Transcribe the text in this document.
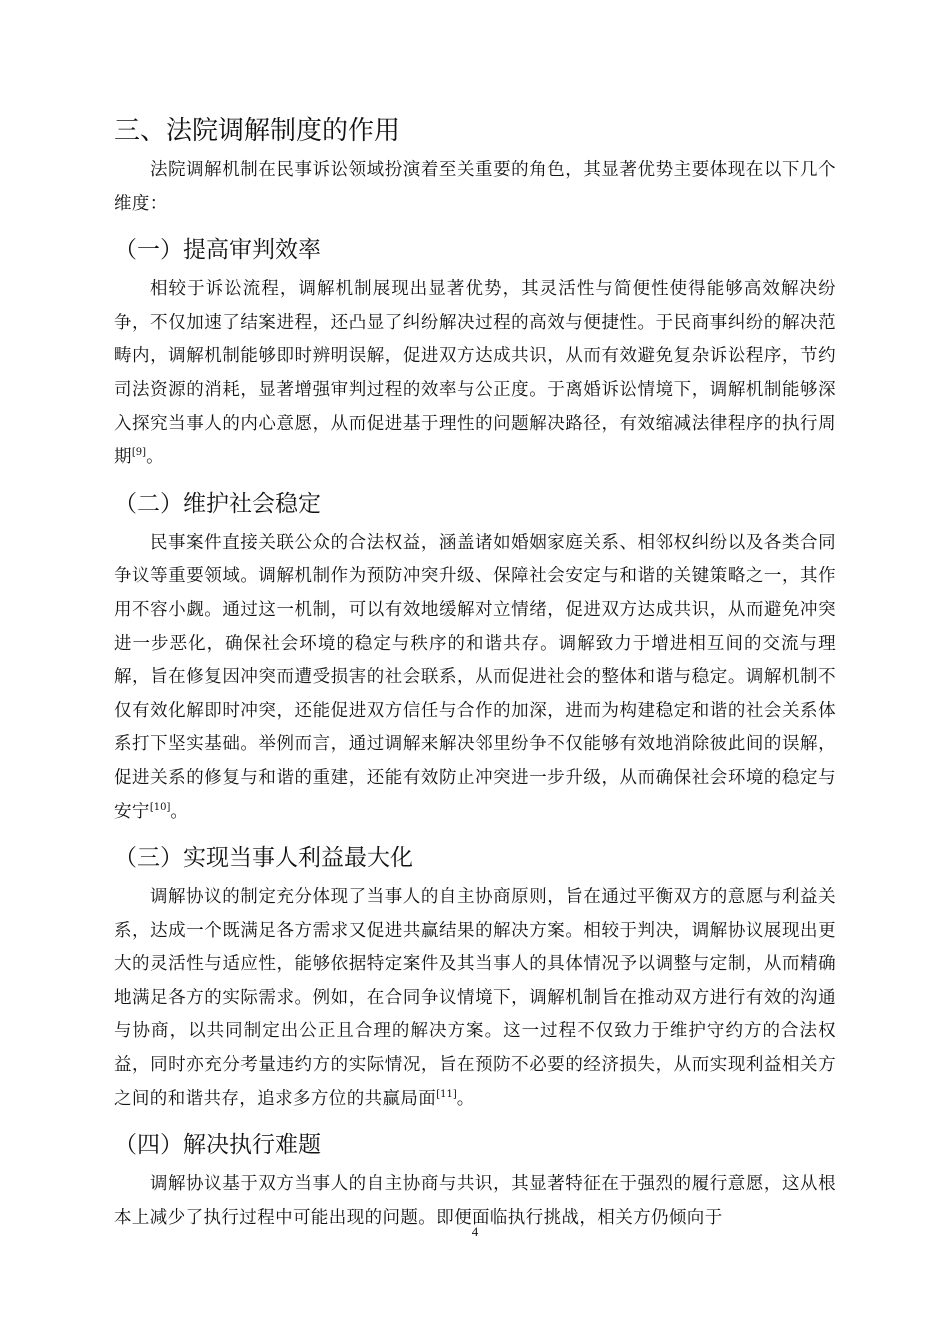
三、法院调解制度的作用

法院调解机制在民事诉讼领域扮演着至关重要的角色，其显著优势主要体现在以下几个维度：

（一）提高审判效率

相较于诉讼流程，调解机制展现出显著优势，其灵活性与简便性使得能够高效解决纷争，不仅加速了结案进程，还凸显了纠纷解决过程的高效与便捷性。于民商事纠纷的解决范畴内，调解机制能够即时辨明误解，促进双方达成共识，从而有效避免复杂诉讼程序，节约司法资源的消耗，显著增强审判过程的效率与公正度。于离婚诉讼情境下，调解机制能够深入探究当事人的内心意愿，从而促进基于理性的问题解决路径，有效缩减法律程序的执行周期[9]。

（二）维护社会稳定

民事案件直接关联公众的合法权益，涵盖诸如婚姻家庭关系、相邻权纠纷以及各类合同争议等重要领域。调解机制作为预防冲突升级、保障社会安定与和谐的关键策略之一，其作用不容小觑。通过这一机制，可以有效地缓解对立情绪，促进双方达成共识，从而避免冲突进一步恶化，确保社会环境的稳定与秩序的和谐共存。调解致力于增进相互间的交流与理解，旨在修复因冲突而遭受损害的社会联系，从而促进社会的整体和谐与稳定。调解机制不仅有效化解即时冲突，还能促进双方信任与合作的加深，进而为构建稳定和谐的社会关系体系打下坚实基础。举例而言，通过调解来解决邻里纷争不仅能够有效地消除彼此间的误解，促进关系的修复与和谐的重建，还能有效防止冲突进一步升级，从而确保社会环境的稳定与安宁[10]。

（三）实现当事人利益最大化

调解协议的制定充分体现了当事人的自主协商原则，旨在通过平衡双方的意愿与利益关系，达成一个既满足各方需求又促进共赢结果的解决方案。相较于判决，调解协议展现出更大的灵活性与适应性，能够依据特定案件及其当事人的具体情况予以调整与定制，从而精确地满足各方的实际需求。例如，在合同争议情境下，调解机制旨在推动双方进行有效的沟通与协商，以共同制定出公正且合理的解决方案。这一过程不仅致力于维护守约方的合法权益，同时亦充分考量违约方的实际情况，旨在预防不必要的经济损失，从而实现利益相关方之间的和谐共存，追求多方位的共赢局面[11]。

（四）解决执行难题

调解协议基于双方当事人的自主协商与共识，其显著特征在于强烈的履行意愿，这从根本上减少了执行过程中可能出现的问题。即便面临执行挑战，相关方仍倾向于

4
